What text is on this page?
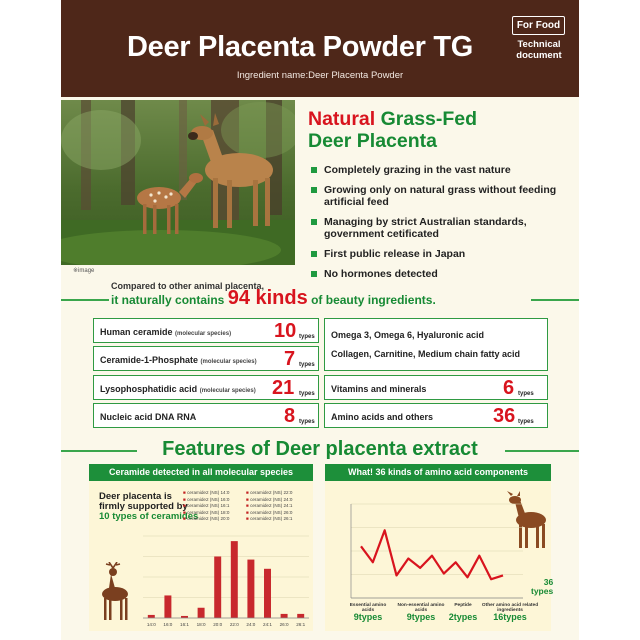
Deer Placenta Powder TG
Ingredient name:Deer Placenta Powder
For Food
Technical document
※image
Natural Grass-Fed
Deer Placenta
Completely grazing in the vast nature
Growing only on natural grass without feeding artificial feed
Managing by strict Australian standards, government cetificated
First public release in Japan
No hormones detected
Compared to other animal placenta,
it naturally contains 94 kinds of beauty ingredients.
Human ceramide (molecular species) 10 types
Ceramide-1-Phosphate (molecular species) 7 types
Lysophosphatidic acid (molecular species) 21 types
Nucleic acid DNA RNA	8 types
Omega 3, Omega 6, Hyaluronic acid
Collagen, Carnitine, Medium chain fatty acid
Vitamins and minerals	6 types
Amino acids and others	36 types
Features of Deer placenta extract
Ceramide detected in all molecular species
Deer placenta is firmly supported by 10 types of ceramides
■ ceramide2 (NS) 14:0
■ ceramide2 (NS) 16:0
■ ceramide2 (NS) 16:1
■ ceramide2 (NS) 18:0
■ ceramide2 (NS) 20:0
■ ceramide2 (NS) 22:0
■ ceramide2 (NS) 24:0
■ ceramide2 (NS) 24:1
■ ceramide2 (NS) 26:0
■ ceramide2 (NS) 26:1
14:0 16:0 16:1 18:0 20:0 22:0 24:0 24:1 26:0 26:1
What! 36 kinds of amino acid components
36
types
Essential amino acids
9types
Non-essential amino acids
9types
Peptide
2types
Other amino acid related ingredients
16types
